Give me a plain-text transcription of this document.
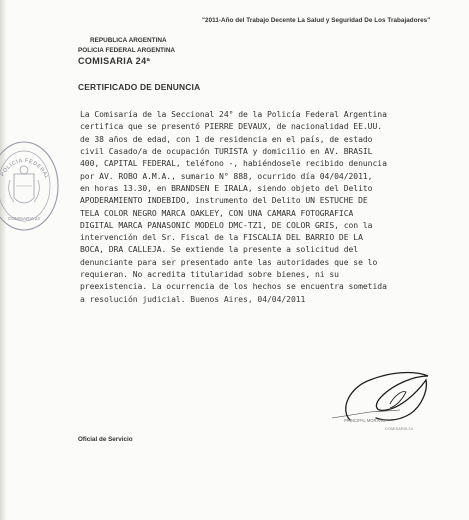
"2011-Año del Trabajo Decente La Salud y Seguridad De Los Trabajadores"
REPUBLICA ARGENTINA
POLICIA FEDERAL ARGENTINA
COMISARIA 24ª
CERTIFICADO DE DENUNCIA
POLICIA FEDERAL
COMISARIA 24
La Comisaría de la Seccional 24° de la Policía Federal Argentina
certifica que se presentó PIERRE DEVAUX, de nacionalidad EE.UU.
de 38 años de edad, con 1 de residencia en el país, de estado
civil Casado/a de ocupación TURISTA y domicilio en AV. BRASIL
400, CAPITAL FEDERAL, teléfono -, habiéndosele recibido denuncia
por AV. ROBO A.M.A., sumario N° 888, ocurrido día 04/04/2011,
en horas 13.30, en BRANDSEN E IRALA, siendo objeto del Delito
APODERAMIENTO INDEBIDO, instrumento del Delito UN ESTUCHE DE
TELA COLOR NEGRO MARCA OAKLEY, CON UNA CAMARA FOTOGRAFICA
DIGITAL MARCA PANASONIC MODELO DMC-TZ1, DE COLOR GRIS, con la
intervención del Sr. Fiscal de la FISCALIA DEL BARRIO DE LA
BOCA, DRA CALLEJA. Se extiende la presente a solicitud del
denunciante para ser presentado ante las autoridades que se lo
requieran. No acredita titularidad sobre bienes, ni su
preexistencia. La ocurrencia de los hechos se encuentra sometida
a resolución judicial. Buenos Aires, 04/04/2011
PRINCIPAL MORANO
COMISARIA 24
Oficial de Servicio
